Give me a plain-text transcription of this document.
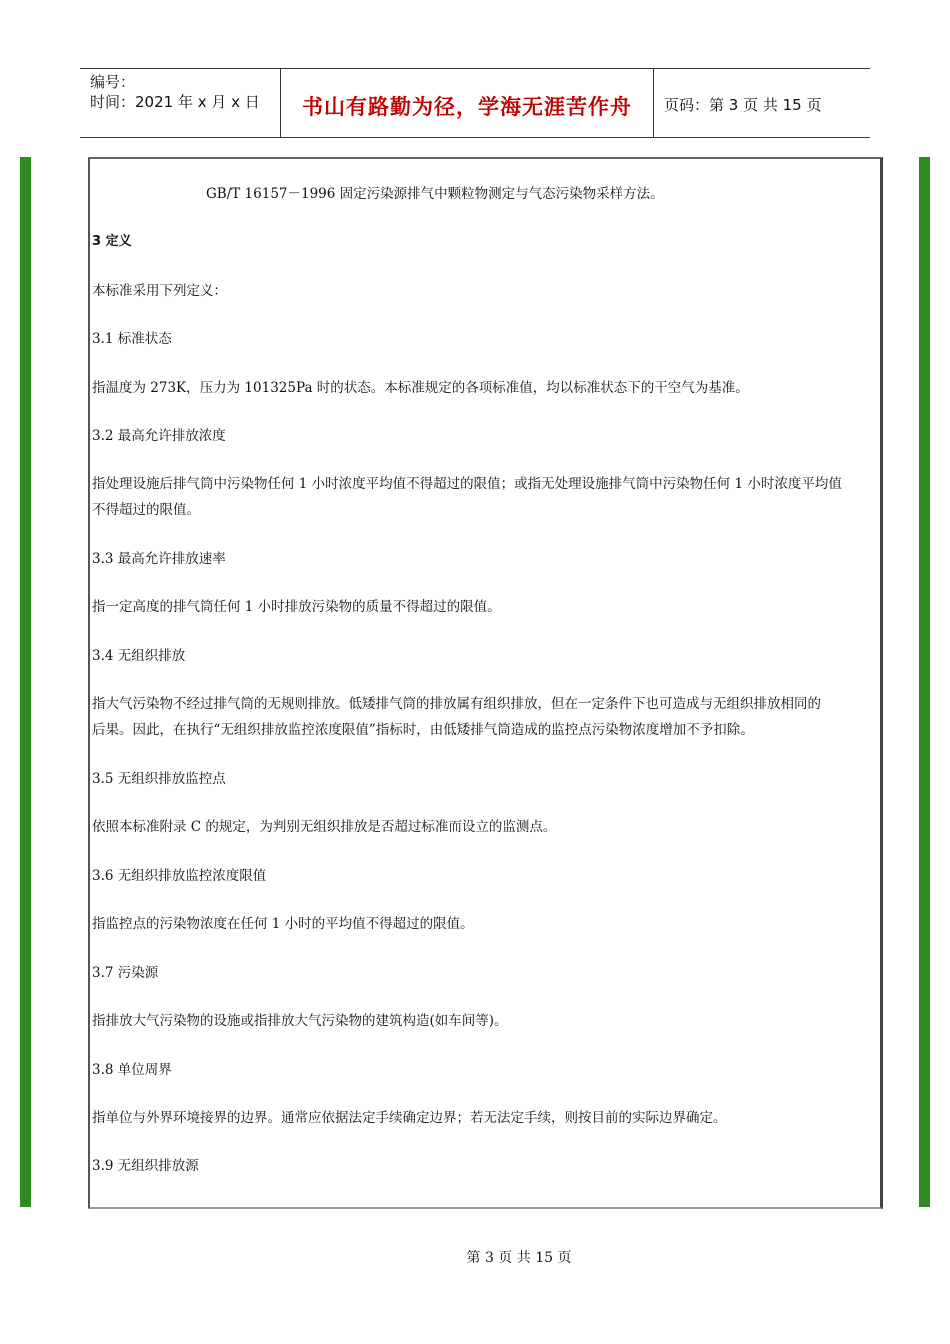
编号：
时间：2021 年 x 月 x 日	书山有路勤为径，学海无涯苦作舟	页码：第 3 页 共 15 页
GB/T 16157－1996 固定污染源排气中颗粒物测定与气态污染物采样方法。
3 定义
本标准采用下列定义：
3.1 标准状态
指温度为 273K，压力为 101325Pa 时的状态。本标准规定的各项标准值，均以标准状态下的干空气为基准。
3.2 最高允许排放浓度
指处理设施后排气筒中污染物任何 1 小时浓度平均值不得超过的限值；或指无处理设施排气筒中污染物任何 1 小时浓度平均值
不得超过的限值。
3.3 最高允许排放速率
指一定高度的排气筒任何 1 小时排放污染物的质量不得超过的限值。
3.4 无组织排放
指大气污染物不经过排气筒的无规则排放。低矮排气筒的排放属有组织排放，但在一定条件下也可造成与无组织排放相同的
后果。因此，在执行“无组织排放监控浓度限值”指标时，由低矮排气筒造成的监控点污染物浓度增加不予扣除。
3.5 无组织排放监控点
依照本标准附录 C 的规定，为判别无组织排放是否超过标准而设立的监测点。
3.6 无组织排放监控浓度限值
指监控点的污染物浓度在任何 1 小时的平均值不得超过的限值。
3.7 污染源
指排放大气污染物的设施或指排放大气污染物的建筑构造(如车间等)。
3.8 单位周界
指单位与外界环境接界的边界。通常应依据法定手续确定边界；若无法定手续，则按目前的实际边界确定。
3.9 无组织排放源
第 3 页 共 15 页
